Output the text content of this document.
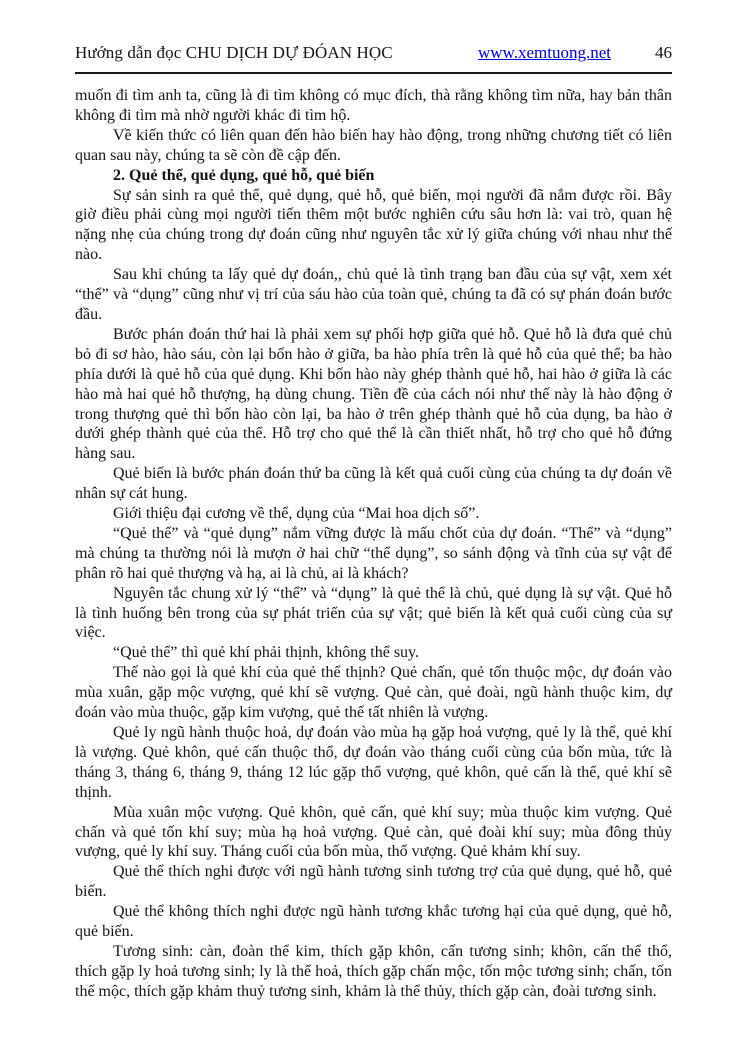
Hướng dẫn đọc CHU DỊCH DỰ ĐÓAN HỌC	www.xemtuong.net	46

muốn đi tìm anh ta, cũng là đi tìm không có mục đích, thà rằng không tìm nữa, hay bản thân không đi tìm mà nhờ người khác đi tìm hộ.

Về kiến thức có liên quan đến hào biến hay hào động, trong những chương tiết có liên quan sau này, chúng ta sẽ còn đề cập đến.

2. Quẻ thể, quẻ dụng, quẻ hỗ, quẻ biến

Sự sản sinh ra quẻ thể, quẻ dụng, quẻ hỗ, quẻ biến, mọi người đã nắm được rồi. Bây giờ điều phải cùng mọi người tiến thêm một bước nghiên cứu sâu hơn là: vai trò, quan hệ nặng nhẹ của chúng trong dự đoán cũng như nguyên tắc xử lý giữa chúng với nhau như thế nào.

Sau khi chúng ta lấy quẻ dự đoán,, chủ quẻ là tình trạng ban đầu của sự vật, xem xét “thể” và “dụng” cũng như vị trí của sáu hào của toàn quẻ, chúng ta đã có sự phán đoán bước đầu.

Bước phán đoán thứ hai là phải xem sự phối hợp giữa quẻ hỗ. Quẻ hỗ là đưa quẻ chủ bỏ đi sơ hào, hào sáu, còn lại bốn hào ở giữa, ba hào phía trên là quẻ hỗ của quẻ thể; ba hào phía dưới là quẻ hỗ của quẻ dụng. Khi bốn hào này ghép thành quẻ hỗ, hai hào ở giữa là các hào mà hai quẻ hỗ thượng, hạ dùng chung. Tiền đề của cách nói như thế này là hào động ở trong thượng quẻ thì bốn hào còn lại, ba hào ở trên ghép thành quẻ hỗ của dụng, ba hào ở dưới ghép thành quẻ của thể. Hỗ trợ cho quẻ thể là cần thiết nhất, hỗ trợ cho quẻ hỗ đứng hàng sau.

Quẻ biến là bước phán đoán thứ ba cũng là kết quả cuối cùng của chúng ta dự đoán về nhân sự cát hung.

Giới thiệu đại cương về thể, dụng của “Mai hoa dịch số”.

“Quẻ thể” và “quẻ dụng” nắm vững được là mấu chốt của dự đoán. “Thể” và “dụng” mà chúng ta thường nói là mượn ở hai chữ “thể dụng”, so sánh động và tĩnh của sự vật để phân rõ hai quẻ thượng và hạ, ai là chủ, ai là khách?

Nguyên tắc chung xử lý “thể” và “dụng” là quẻ thể là chủ, quẻ dụng là sự vật. Quẻ hỗ là tình huống bên trong của sự phát triển của sự vật; quẻ biến là kết quả cuối cùng của sự việc.

“Quẻ thể” thì quẻ khí phải thịnh, không thể suy.

Thế nào gọi là quẻ khí của quẻ thể thịnh? Quẻ chấn, quẻ tốn thuộc mộc, dự đoán vào mùa xuân, gặp mộc vượng, quẻ khí sẽ vượng. Quẻ càn, quẻ đoài, ngũ hành thuộc kim, dự đoán vào mùa thuộc, gặp kim vượng, quẻ thể tất nhiên là vượng.

Quẻ ly ngũ hành thuộc hoả, dự đoán vào mùa hạ gặp hoả vượng, quẻ ly là thể, quẻ khí là vượng. Quẻ khôn, quẻ cấn thuộc thổ, dự đoán vào tháng cuối cùng của bốn mùa, tức là tháng 3, tháng 6, tháng 9, tháng 12 lúc gặp thổ vượng, quẻ khôn, quẻ cấn là thể, quẻ khí sẽ thịnh.

Mùa xuân mộc vượng. Quẻ khôn, quẻ cấn, quẻ khí suy; mùa thuộc kim vượng. Quẻ chấn và quẻ tốn khí suy; mùa hạ hoả vượng. Quẻ càn, quẻ đoài khí suy; mùa đông thủy vượng, quẻ ly khí suy. Tháng cuối của bốn mùa, thổ vượng. Quẻ khảm khí suy.

Quẻ thể thích nghi được với ngũ hành tương sinh tương trợ của quẻ dụng, quẻ hỗ, quẻ biến.

Quẻ thể không thích nghi được ngũ hành tương khắc tương hại của quẻ dụng, quẻ hỗ, quẻ biến.

Tương sinh: càn, đoàn thể kim, thích gặp khôn, cấn tương sinh; khôn, cấn thể thổ, thích gặp ly hoả tương sinh; ly là thể hoả, thích gặp chấn mộc, tốn mộc tương sinh; chấn, tốn thể mộc, thích gặp khảm thuỷ tương sinh, khảm là thể thủy, thích gặp càn, đoài tương sinh.
